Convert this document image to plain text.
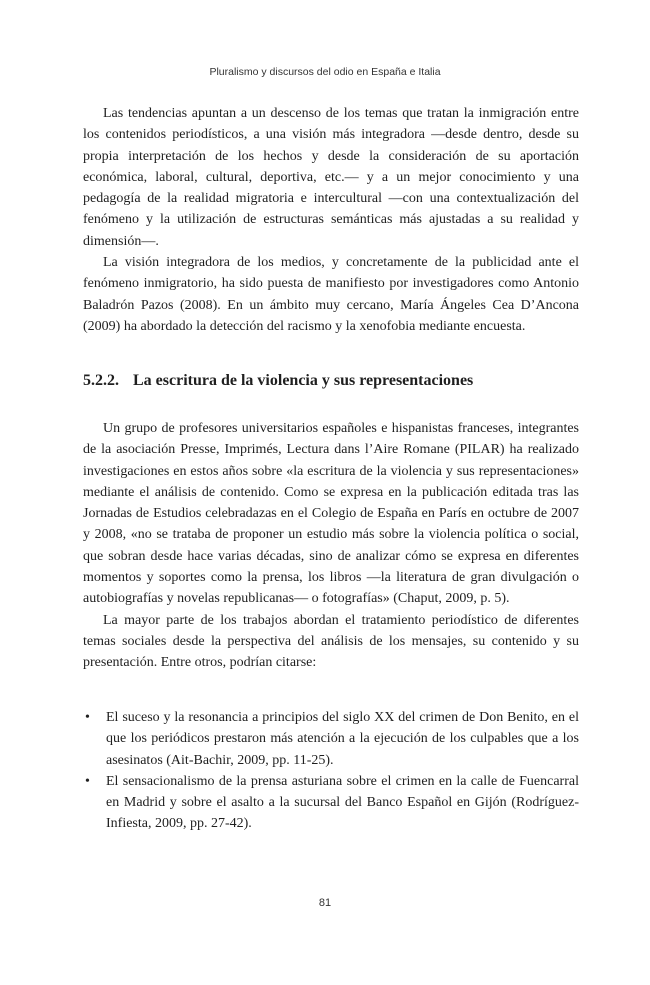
Pluralismo y discursos del odio en España e Italia

Las tendencias apuntan a un descenso de los temas que tratan la inmigración entre los contenidos periodísticos, a una visión más integradora —desde dentro, desde su propia interpretación de los hechos y desde la consideración de su aportación económica, laboral, cultural, deportiva, etc.— y a un mejor conocimiento y una pedagogía de la realidad migratoria e intercultural —con una contextualización del fenómeno y la utilización de estructuras semánticas más ajustadas a su realidad y dimensión—.

La visión integradora de los medios, y concretamente de la publicidad ante el fenómeno inmigratorio, ha sido puesta de manifiesto por investigadores como Antonio Baladrón Pazos (2008). En un ámbito muy cercano, María Ángeles Cea D’Ancona (2009) ha abordado la detección del racismo y la xenofobia mediante encuesta.

5.2.2. La escritura de la violencia y sus representaciones

Un grupo de profesores universitarios españoles e hispanistas franceses, integrantes de la asociación Presse, Imprimés, Lectura dans l’Aire Romane (PILAR) ha realizado investigaciones en estos años sobre «la escritura de la violencia y sus representaciones» mediante el análisis de contenido. Como se expresa en la publicación editada tras las Jornadas de Estudios celebradazas en el Colegio de España en París en octubre de 2007 y 2008, «no se trataba de proponer un estudio más sobre la violencia política o social, que sobran desde hace varias décadas, sino de analizar cómo se expresa en diferentes momentos y soportes como la prensa, los libros —la literatura de gran divulgación o autobiografías y novelas republicanas— o fotografías» (Chaput, 2009, p. 5).

La mayor parte de los trabajos abordan el tratamiento periodístico de diferentes temas sociales desde la perspectiva del análisis de los mensajes, su contenido y su presentación. Entre otros, podrían citarse:

• El suceso y la resonancia a principios del siglo XX del crimen de Don Benito, en el que los periódicos prestaron más atención a la ejecución de los culpables que a los asesinatos (Ait-Bachir, 2009, pp. 11-25).
• El sensacionalismo de la prensa asturiana sobre el crimen en la calle de Fuencarral en Madrid y sobre el asalto a la sucursal del Banco Español en Gijón (Rodríguez-Infiesta, 2009, pp. 27-42).
81
